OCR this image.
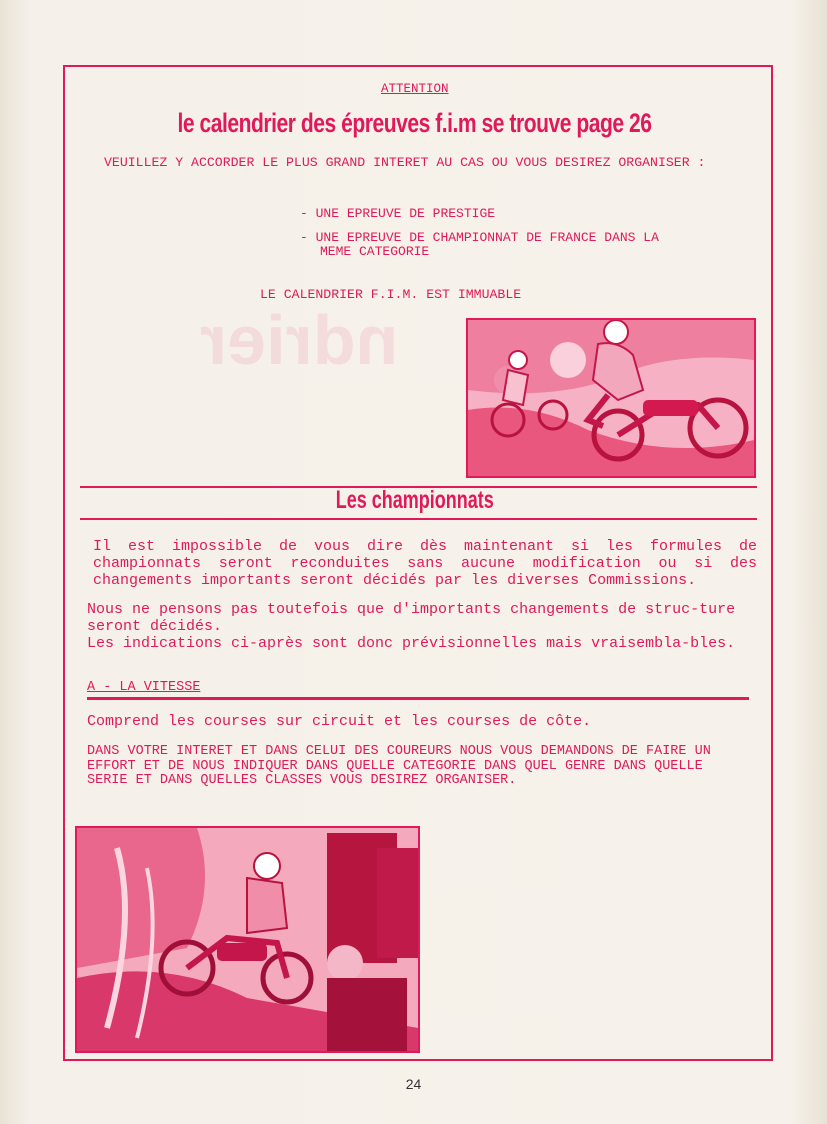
ndrier
ATTENTION
le calendrier des épreuves f.i.m se trouve page 26
VEUILLEZ Y ACCORDER LE PLUS GRAND INTERET AU CAS OU VOUS DESIREZ ORGANISER :
- UNE EPREUVE DE PRESTIGE
- UNE EPREUVE DE CHAMPIONNAT DE FRANCE DANS LA
MEME CATEGORIE
LE CALENDRIER F.I.M. EST IMMUABLE
Les championnats
Il est impossible de vous dire dès maintenant si les formules de championnats seront reconduites sans aucune modification ou si des changements importants seront décidés par les diverses Commissions.
Nous ne pensons pas toutefois que d'importants changements de struc-ture seront décidés.
Les indications ci-après sont donc prévisionnelles mais vraisembla-bles.
A - LA VITESSE
Comprend les courses sur circuit et les courses de côte.
DANS VOTRE INTERET ET DANS CELUI DES COUREURS NOUS VOUS DEMANDONS DE FAIRE UN EFFORT ET DE NOUS INDIQUER DANS QUELLE CATEGORIE DANS QUEL GENRE DANS QUELLE SERIE ET DANS QUELLES CLASSES VOUS DESIREZ ORGANISER.
24
